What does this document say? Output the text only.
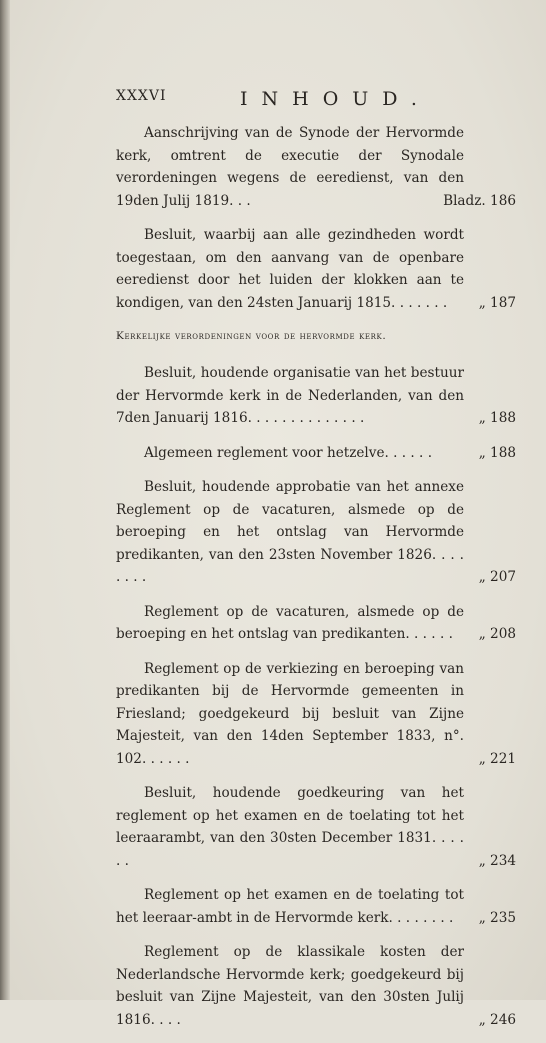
XXXVI	INHOUD.

Aanschrijving van de Synode der Hervormde kerk, omtrent de executie der Synodale verordeningen wegens de eeredienst, van den 19den Julij 1819. . .	Bladz. 186

Besluit, waarbij aan alle gezindheden wordt toegestaan, om den aanvang van de openbare eeredienst door het luiden der klokken aan te kondigen, van den 24sten Januarij 1815. . . . . . .	„ 187

Kerkelijke verordeningen voor de hervormde kerk.

Besluit, houdende organisatie van het bestuur der Hervormde kerk in de Nederlanden, van den 7den Januarij 1816. . . . . . . . . . . . . .	„ 188

Algemeen reglement voor hetzelve. . . . . .	„ 188

Besluit, houdende approbatie van het annexe Reglement op de vacaturen, alsmede op de beroeping en het ontslag van Hervormde predikanten, van den 23sten November 1826. . . . . . . .	„ 207

Reglement op de vacaturen, alsmede op de beroeping en het ontslag van predikanten. . . . . .	„ 208

Reglement op de verkiezing en beroeping van predikanten bij de Hervormde gemeenten in Friesland; goedgekeurd bij besluit van Zijne Majesteit, van den 14den September 1833, n°. 102. . . . . .	„ 221

Besluit, houdende goedkeuring van het reglement op het examen en de toelating tot het leeraarambt, van den 30sten December 1831. . . . . .	„ 234

Reglement op het examen en de toelating tot het leeraar-ambt in de Hervormde kerk. . . . . . . .	„ 235

Reglement op de klassikale kosten der Nederlandsche Hervormde kerk; goedgekeurd bij besluit van Zijne Majesteit, van den 30sten Julij 1816. . . .	„ 246
